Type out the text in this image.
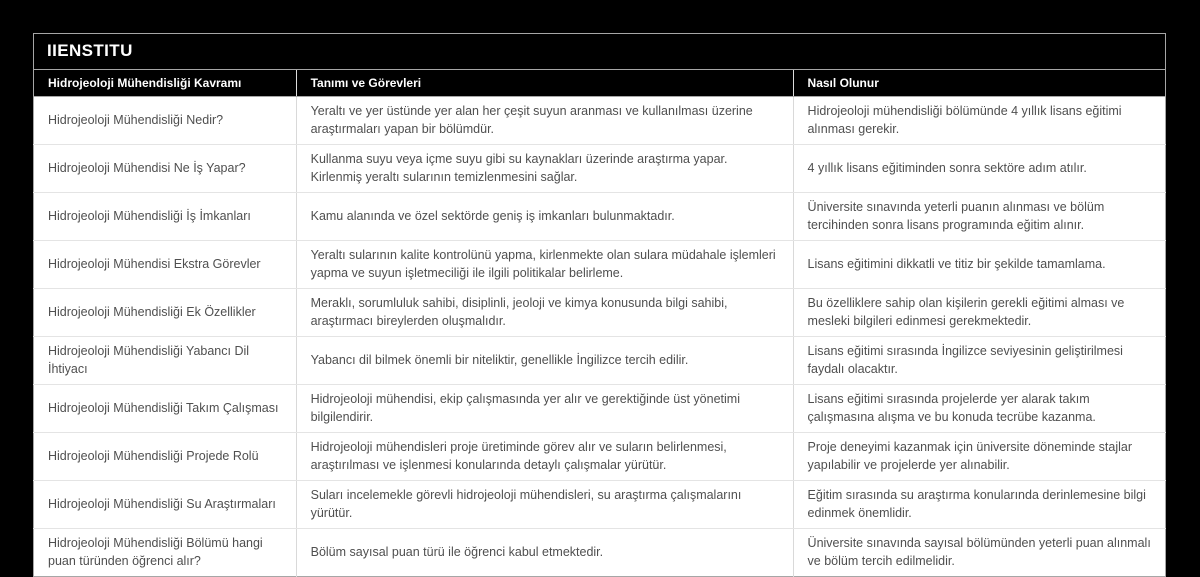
IIENSTITU
Hidrojeoloji Mühendisliği Kavramı	Tanımı ve Görevleri	Nasıl Olunur
Hidrojeoloji Mühendisliği Nedir?	Yeraltı ve yer üstünde yer alan her çeşit suyun aranması ve kullanılması üzerine araştırmaları yapan bir bölümdür.	Hidrojeoloji mühendisliği bölümünde 4 yıllık lisans eğitimi alınması gerekir.
Hidrojeoloji Mühendisi Ne İş Yapar?	Kullanma suyu veya içme suyu gibi su kaynakları üzerinde araştırma yapar. Kirlenmiş yeraltı sularının temizlenmesini sağlar.	4 yıllık lisans eğitiminden sonra sektöre adım atılır.
Hidrojeoloji Mühendisliği İş İmkanları	Kamu alanında ve özel sektörde geniş iş imkanları bulunmaktadır.	Üniversite sınavında yeterli puanın alınması ve bölüm tercihinden sonra lisans programında eğitim alınır.
Hidrojeoloji Mühendisi Ekstra Görevler	Yeraltı sularının kalite kontrolünü yapma, kirlenmekte olan sulara müdahale işlemleri yapma ve suyun işletmeciliği ile ilgili politikalar belirleme.	Lisans eğitimini dikkatli ve titiz bir şekilde tamamlama.
Hidrojeoloji Mühendisliği Ek Özellikler	Meraklı, sorumluluk sahibi, disiplinli, jeoloji ve kimya konusunda bilgi sahibi, araştırmacı bireylerden oluşmalıdır.	Bu özelliklere sahip olan kişilerin gerekli eğitimi alması ve mesleki bilgileri edinmesi gerekmektedir.
Hidrojeoloji Mühendisliği Yabancı Dil İhtiyacı	Yabancı dil bilmek önemli bir niteliktir, genellikle İngilizce tercih edilir.	Lisans eğitimi sırasında İngilizce seviyesinin geliştirilmesi faydalı olacaktır.
Hidrojeoloji Mühendisliği Takım Çalışması	Hidrojeoloji mühendisi, ekip çalışmasında yer alır ve gerektiğinde üst yönetimi bilgilendirir.	Lisans eğitimi sırasında projelerde yer alarak takım çalışmasına alışma ve bu konuda tecrübe kazanma.
Hidrojeoloji Mühendisliği Projede Rolü	Hidrojeoloji mühendisleri proje üretiminde görev alır ve suların belirlenmesi, araştırılması ve işlenmesi konularında detaylı çalışmalar yürütür.	Proje deneyimi kazanmak için üniversite döneminde stajlar yapılabilir ve projelerde yer alınabilir.
Hidrojeoloji Mühendisliği Su Araştırmaları	Suları incelemekle görevli hidrojeoloji mühendisleri, su araştırma çalışmalarını yürütür.	Eğitim sırasında su araştırma konularında derinlemesine bilgi edinmek önemlidir.
Hidrojeoloji Mühendisliği Bölümü hangi puan türünden öğrenci alır?	Bölüm sayısal puan türü ile öğrenci kabul etmektedir.	Üniversite sınavında sayısal bölümünden yeterli puan alınmalı ve bölüm tercih edilmelidir.
